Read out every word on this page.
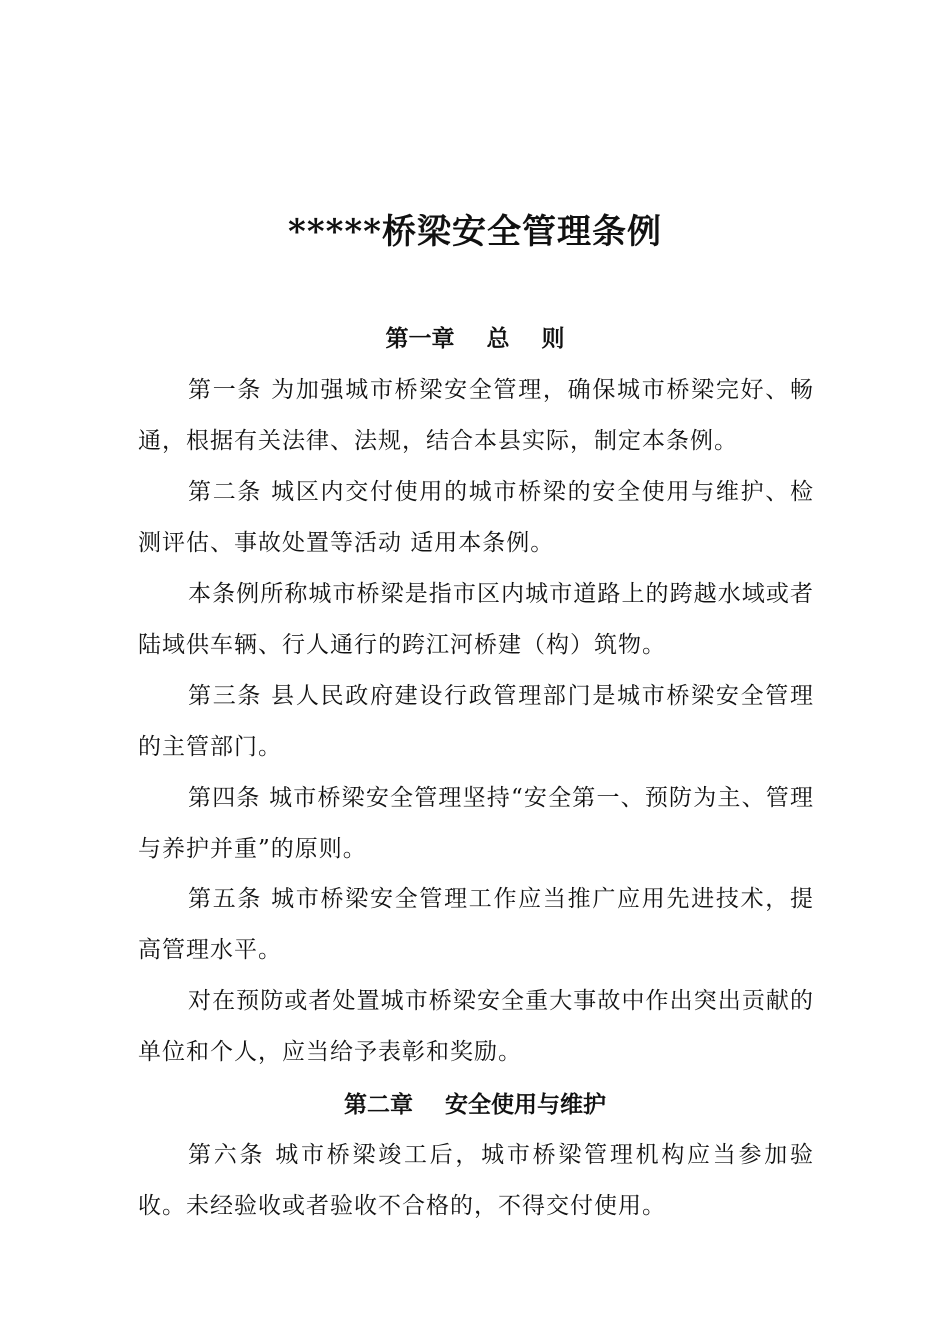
*****桥梁安全管理条例
第一章    总    则

第一条 为加强城市桥梁安全管理，确保城市桥梁完好、畅通，根据有关法律、法规，结合本县实际，制定本条例。

第二条 城区内交付使用的城市桥梁的安全使用与维护、检测评估、事故处置等活动 适用本条例。

本条例所称城市桥梁是指市区内城市道路上的跨越水域或者陆域供车辆、行人通行的跨江河桥建（构）筑物。

第三条 县人民政府建设行政管理部门是城市桥梁安全管理的主管部门。

第四条 城市桥梁安全管理坚持“安全第一、预防为主、管理与养护并重”的原则。

第五条 城市桥梁安全管理工作应当推广应用先进技术，提高管理水平。

对在预防或者处置城市桥梁安全重大事故中作出突出贡献的单位和个人，应当给予表彰和奖励。

第二章    安全使用与维护

第六条 城市桥梁竣工后，城市桥梁管理机构应当参加验收。未经验收或者验收不合格的，不得交付使用。
